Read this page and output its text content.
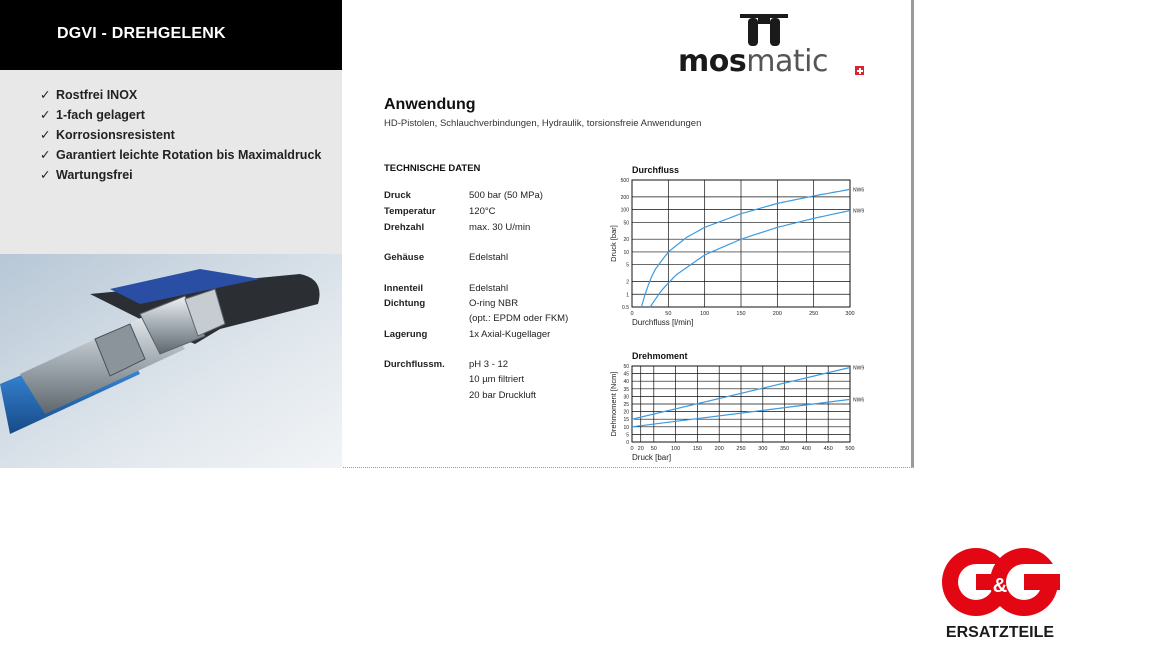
DGVI - DREHGELENK
✓ Rostfrei INOX
✓ 1-fach gelagert
✓ Korrosionsresistent
✓ Garantiert leichte Rotation bis Maximaldruck
✓ Wartungsfrei
mosmatic
Anwendung
HD-Pistolen, Schlauchverbindungen, Hydraulik, torsionsfreie Anwendungen
TECHNISCHE DATEN
Druck	500 bar (50 MPa)
Temperatur	120°C
Drehzahl	max. 30 U/min
Gehäuse	Edelstahl
Innenteil	Edelstahl
Dichtung	O-ring NBR
(opt.: EPDM oder FKM)
Lagerung	1x Axial-Kugellager
Durchflussm.	pH 3 - 12
10 µm filtriert
20 bar Druckluft
Durchfluss
0.5
1
2
5
10
20
50
100
200
500
0	50	100	150	200	250	300
Durchfluss [l/min]
Druck [bar]
NW6
NW9
Drehmoment
0
5
10
15
20
25
30
35
40
45
50
0 20 50	100 150 200 250 300 350 400 450 500
Druck [bar]
Drehmoment [Ncm]
NW9
NW6
&
ERSATZTEILE
